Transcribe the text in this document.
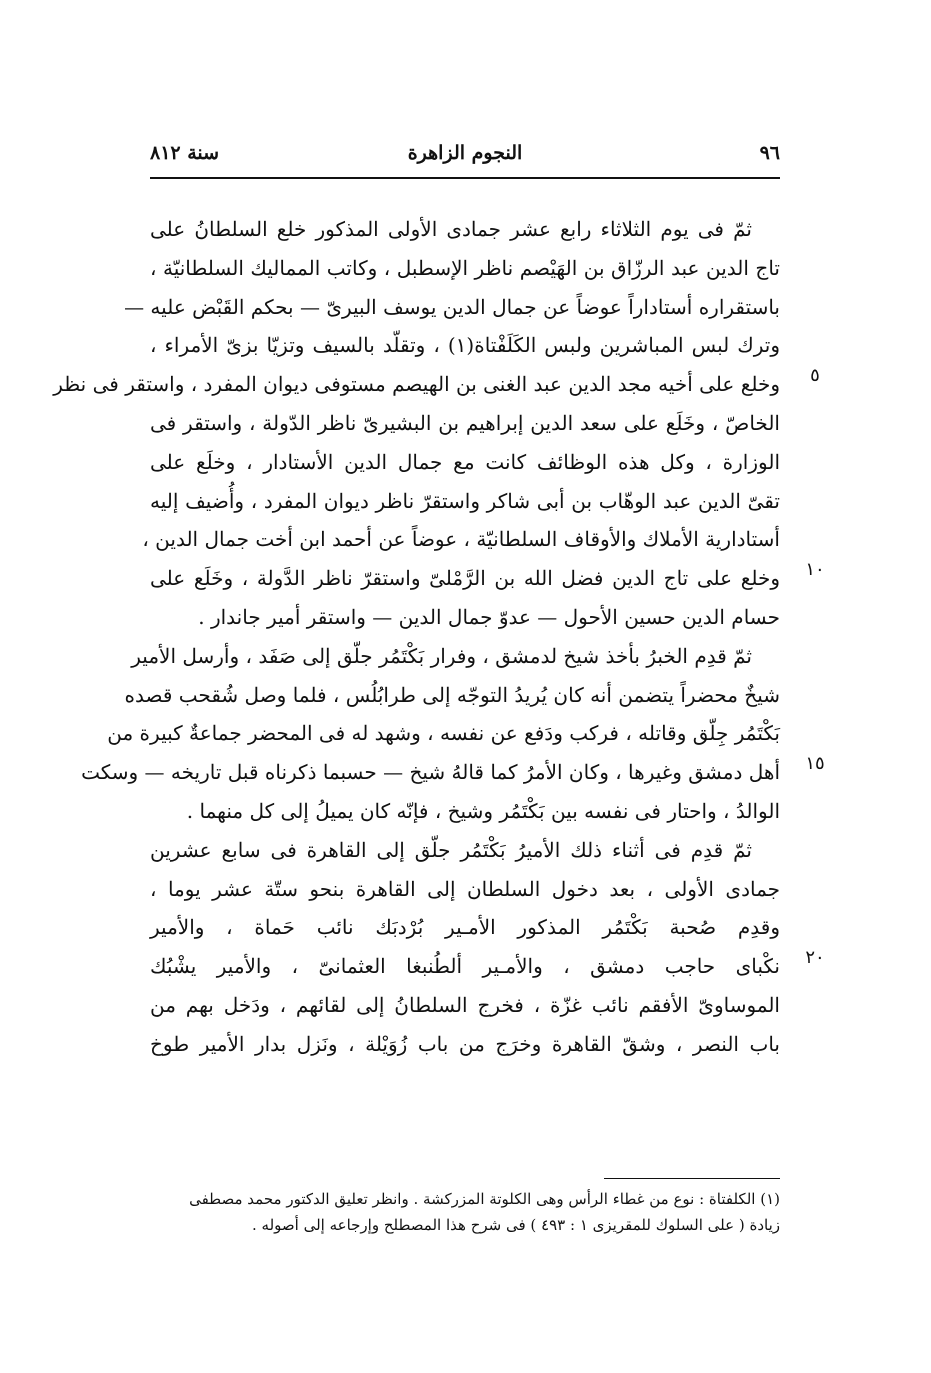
٩٦
النجوم الزاهرة
سنة ٨١٢
ثمّ فى يوم الثلاثاء رابع عشر جمادى الأولى المذكور خلع السلطانُ على
تاج الدين عبد الرزّاق بن الهَيْصم ناظر الإسطبل ، وكاتب المماليك السلطانيّة ،
باستقراره أستاداراً عوضاً عن جمال الدين يوسف البيرىّ — بحكم القَبْض عليه —
وترك لبس المباشرين ولبس الكَلَفْتاة(١) ، وتقلّد بالسيف وتزيّا بزىّ الأمراء ،
وخلع على أخيه مجد الدين عبد الغنى بن الهيصم مستوفى ديوان المفرد ، واستقر فى نظر
الخاصّ ، وخَلَع على سعد الدين إبراهيم بن البشيرىّ ناظر الدّولة ، واستقر فى
الوزارة ، وكل هذه الوظائف كانت مع جمال الدين الأستادار ، وخلَع على
تقىّ الدين عبد الوهّاب بن أبى شاكر واستقرّ ناظر ديوان المفرد ، وأُضيف إليه
أستادارية الأملاك والأوقاف السلطانيّة ، عوضاً عن أحمد ابن أخت جمال الدين ،
وخلع على تاج الدين فضل الله بن الرَّمْلىّ واستقرّ ناظر الدَّولة ، وخَلَع على
حسام الدين حسين الأحول — عدوّ جمال الدين — واستقر أمير جاندار .
ثمّ قدِم الخبرُ بأخذ شيخ لدمشق ، وفرار بَكْتَمُر جلّق إلى صَفَد ، وأرسل الأمير
شيخٌ محضراً يتضمن أنه كان يُريدُ التوجّه إلى طرابُلُس ، فلما وصل شُقحب قصده
بَكْتَمُر جِلّق وقاتله ، فركب ودَفع عن نفسه ، وشهد له فى المحضر جماعةٌ كبيرة من
أهل دمشق وغيرها ، وكان الأمرُ كما قالهُ شيخ — حسبما ذكرناه قبل تاريخه — وسكت
الوالدُ ، واحتار فى نفسه بين بَكْتَمُر وشيخ ، فإنّه كان يميلُ إلى كل منهما .
ثمّ قدِم فى أثناء ذلك الأميرُ بَكْتَمُر جلّق إلى القاهرة فى سابع عشرين
جمادى الأولى ، بعد دخول السلطان إلى القاهرة بنحو ستّة عشر يوما ،
وقدِم صُحبة بَكْتَمُر المذكور الأمـير بُرْدبَك نائب حَماة ، والأمير
نكْباى حاجب دمشق ، والأمـير ألطُنبغا العثمانىّ ، والأمير يشْبُك
الموساوىّ الأفقم نائب غزّة ، فخرج السلطانُ إلى لقائهم ، ودَخل بهم من
باب النصر ، وشقّ القاهرة وخرَج من باب زُوَيْلة ، ونَزل بدار الأمير طوخ
٥
١٠
١٥
٢٠
(١) الكلفتاة : نوع من غطاء الرأس وهى الكلوتة المزركشة . وانظر تعليق الدكتور محمد مصطفى
زيادة ( على السلوك للمقريزى ١ : ٤٩٣ ) فى شرح هذا المصطلح وإرجاعه إلى أصوله .
